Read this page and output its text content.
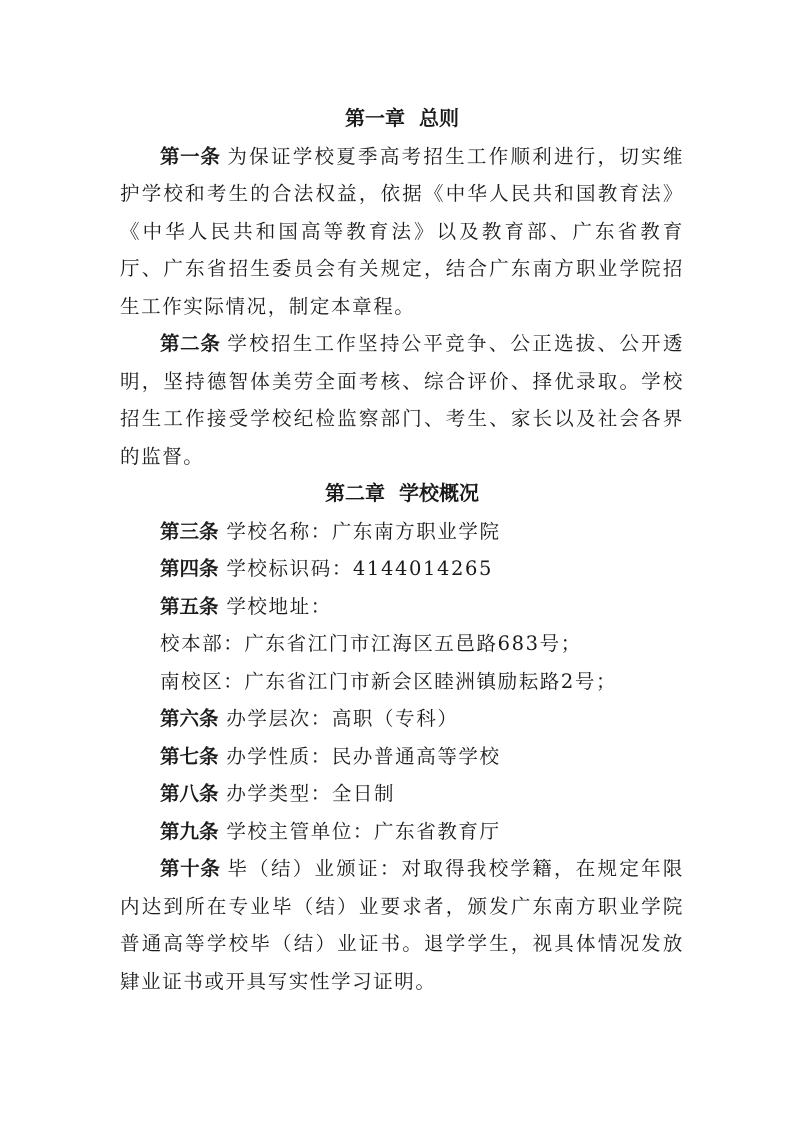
第一章 总则

第一条 为保证学校夏季高考招生工作顺利进行，切实维护学校和考生的合法权益，依据《中华人民共和国教育法》《中华人民共和国高等教育法》以及教育部、广东省教育厅、广东省招生委员会有关规定，结合广东南方职业学院招生工作实际情况，制定本章程。

第二条 学校招生工作坚持公平竞争、公正选拔、公开透明，坚持德智体美劳全面考核、综合评价、择优录取。学校招生工作接受学校纪检监察部门、考生、家长以及社会各界的监督。

第二章 学校概况

第三条 学校名称：广东南方职业学院

第四条 学校标识码：4144014265

第五条 学校地址：

校本部：广东省江门市江海区五邑路683号；

南校区：广东省江门市新会区睦洲镇励耘路2号；

第六条 办学层次：高职（专科）

第七条 办学性质：民办普通高等学校

第八条 办学类型：全日制

第九条 学校主管单位：广东省教育厅

第十条 毕（结）业颁证：对取得我校学籍，在规定年限内达到所在专业毕（结）业要求者，颁发广东南方职业学院普通高等学校毕（结）业证书。退学学生，视具体情况发放肄业证书或开具写实性学习证明。
